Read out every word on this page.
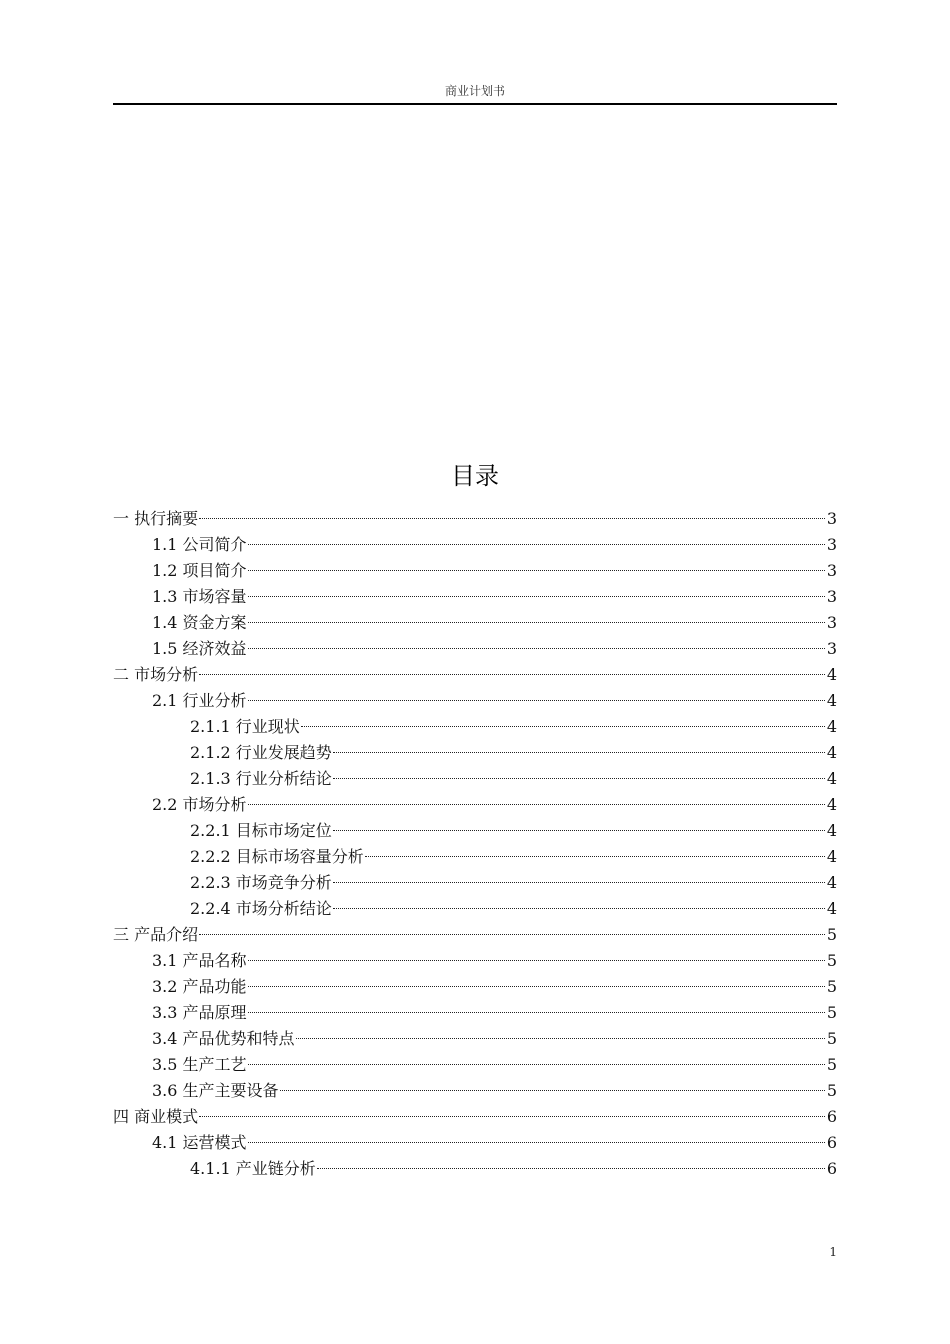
商业计划书
目录
一 执行摘要	3
1.1 公司简介	3
1.2 项目简介	3
1.3 市场容量	3
1.4 资金方案	3
1.5 经济效益	3
二 市场分析	4
2.1 行业分析	4
2.1.1 行业现状	4
2.1.2 行业发展趋势	4
2.1.3 行业分析结论	4
2.2 市场分析	4
2.2.1 目标市场定位	4
2.2.2 目标市场容量分析	4
2.2.3 市场竞争分析	4
2.2.4 市场分析结论	4
三 产品介绍	5
3.1 产品名称	5
3.2 产品功能	5
3.3 产品原理	5
3.4 产品优势和特点	5
3.5 生产工艺	5
3.6 生产主要设备	5
四 商业模式	6
4.1 运营模式	6
4.1.1 产业链分析	6
1
